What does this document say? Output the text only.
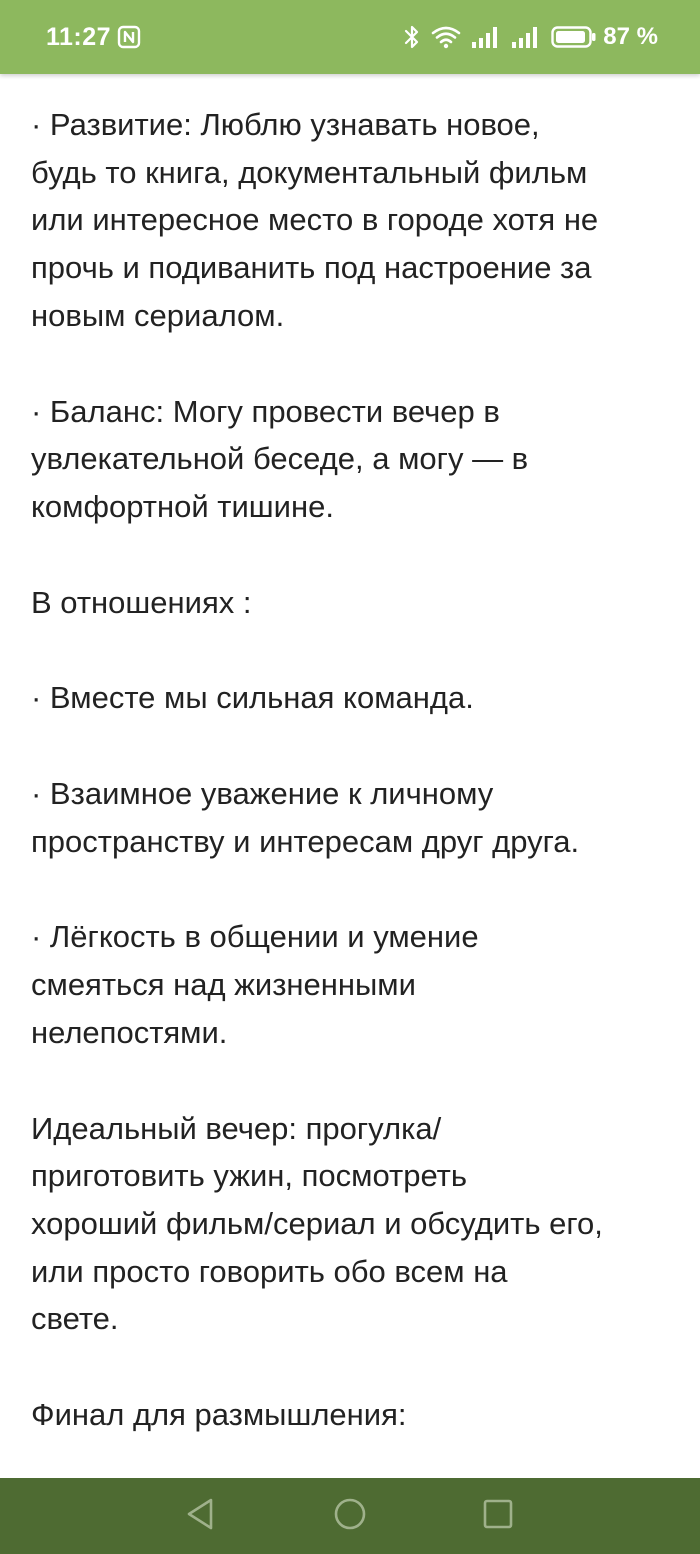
11:27	87 %

· Развитие: Люблю узнавать новое,
будь то книга, документальный фильм
или интересное место в городе хотя не
прочь и подиванить под настроение за
новым сериалом.

· Баланс: Могу провести вечер в
увлекательной беседе, а могу — в
комфортной тишине.

В отношениях :

· Вместе мы сильная команда.

· Взаимное уважение к личному
пространству и интересам друг друга.

· Лёгкость в общении и умение
смеяться над жизненными
нелепостями.

Идеальный вечер: прогулка/
приготовить ужин, посмотреть
хороший фильм/сериал и обсудить его,
или просто говорить обо всем на
свете.

Финал для размышления:
